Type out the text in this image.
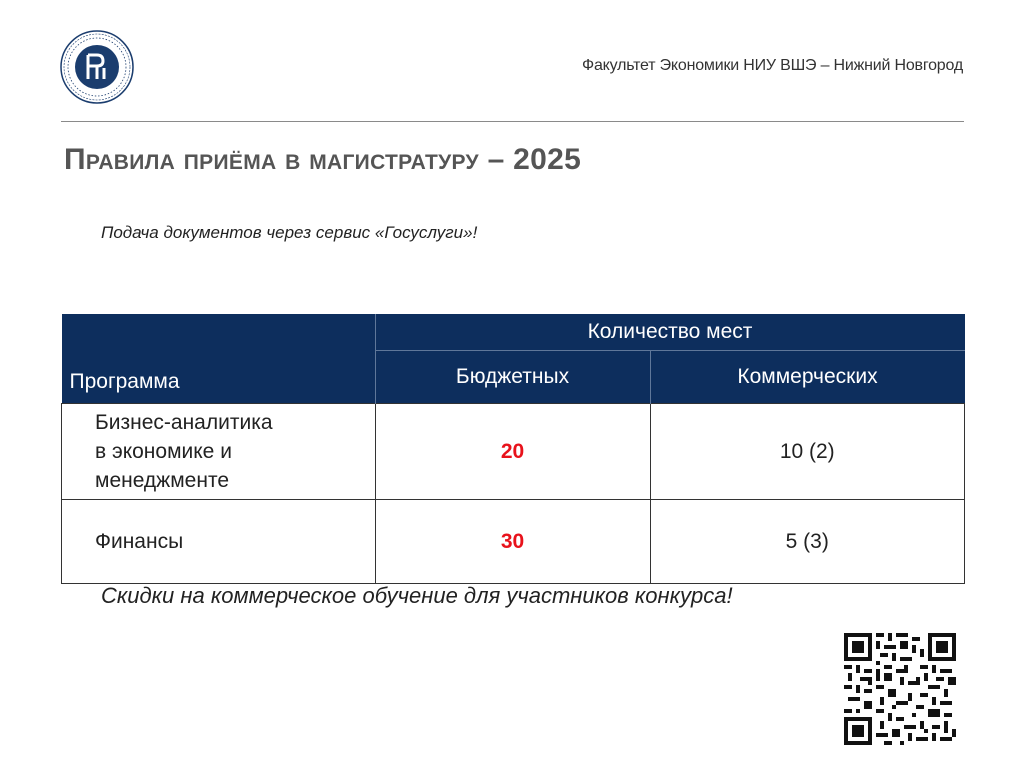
Факультет Экономики НИУ ВШЭ – Нижний Новгород
Правила приёма в магистратуру – 2025
Подача документов через сервис «Госуслуги»!
Программа	Количество мест	
	Бюджетных	Коммерческих

Бизнес-аналитика
в экономике и
менеджменте	20	10 (2)

Финансы	30	5 (3)
Скидки на коммерческое обучение для участников конкурса!
